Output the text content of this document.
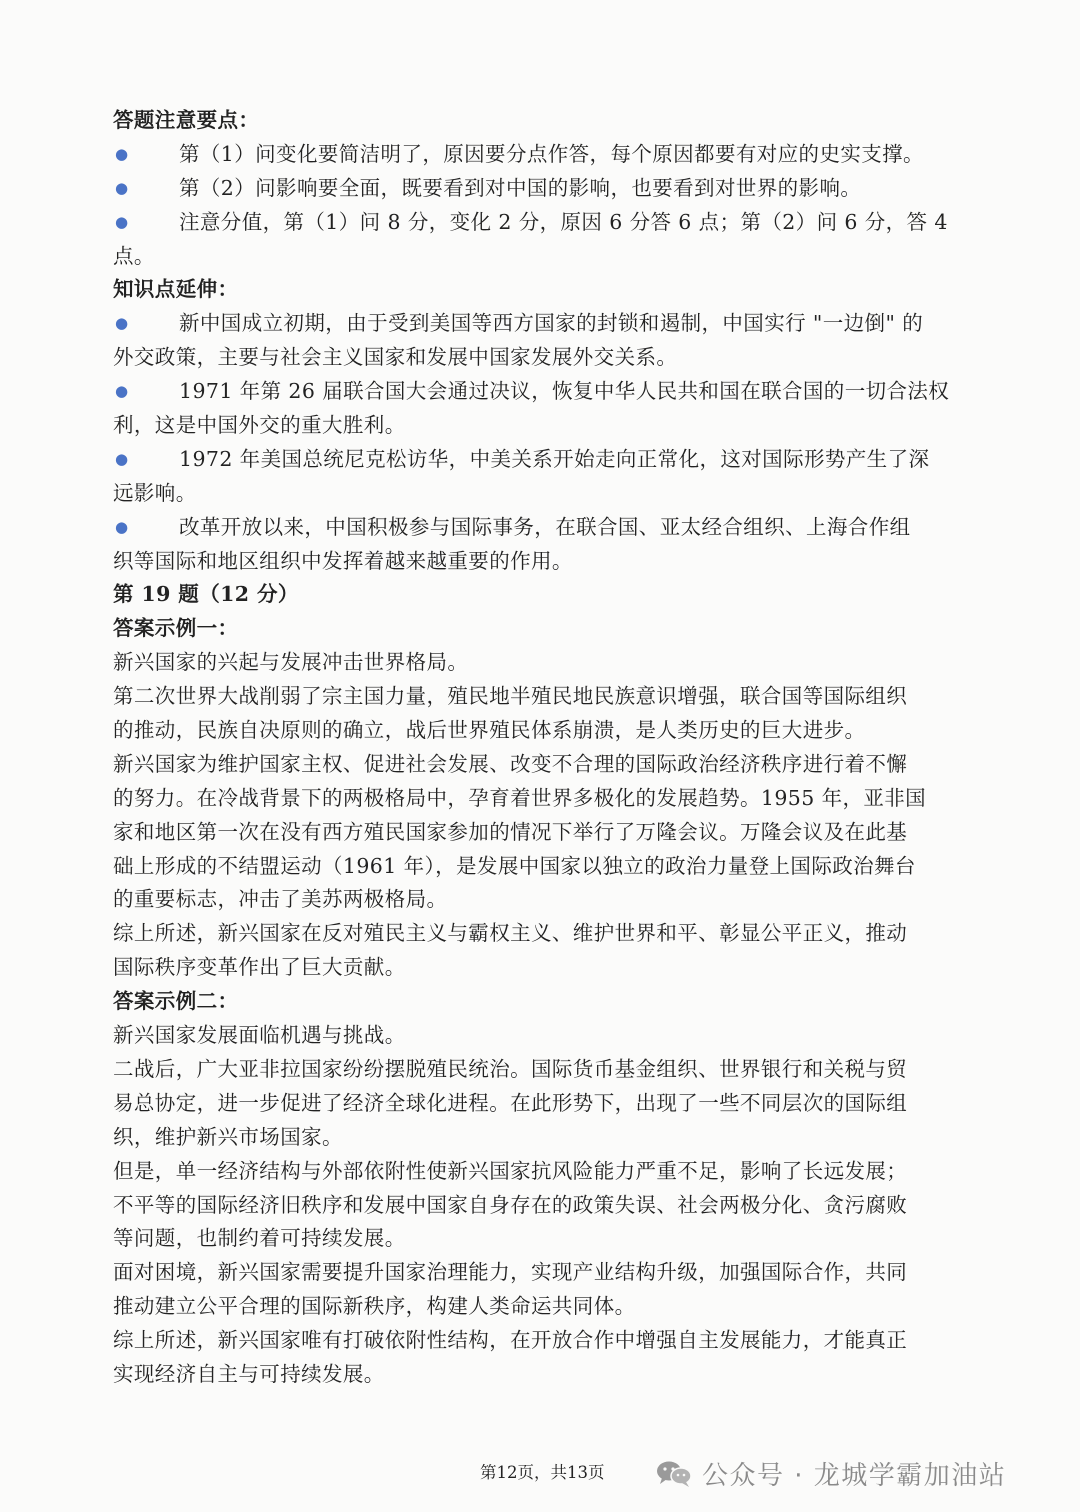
答题注意要点：
● 第（1）问变化要简洁明了，原因要分点作答，每个原因都要有对应的史实支撑。
● 第（2）问影响要全面，既要看到对中国的影响，也要看到对世界的影响。
● 注意分值，第（1）问 8 分，变化 2 分，原因 6 分答 6 点；第（2）问 6 分，答 4
点。
知识点延伸：
● 新中国成立初期，由于受到美国等西方国家的封锁和遏制，中国实行 "一边倒" 的
外交政策，主要与社会主义国家和发展中国家发展外交关系。
● 1971 年第 26 届联合国大会通过决议，恢复中华人民共和国在联合国的一切合法权
利，这是中国外交的重大胜利。
● 1972 年美国总统尼克松访华，中美关系开始走向正常化，这对国际形势产生了深
远影响。
● 改革开放以来，中国积极参与国际事务，在联合国、亚太经合组织、上海合作组
织等国际和地区组织中发挥着越来越重要的作用。
第 19 题（12 分）
答案示例一：
新兴国家的兴起与发展冲击世界格局。
第二次世界大战削弱了宗主国力量，殖民地半殖民地民族意识增强，联合国等国际组织
的推动，民族自决原则的确立，战后世界殖民体系崩溃，是人类历史的巨大进步。
新兴国家为维护国家主权、促进社会发展、改变不合理的国际政治经济秩序进行着不懈
的努力。在冷战背景下的两极格局中，孕育着世界多极化的发展趋势。1955 年，亚非国
家和地区第一次在没有西方殖民国家参加的情况下举行了万隆会议。万隆会议及在此基
础上形成的不结盟运动（1961 年），是发展中国家以独立的政治力量登上国际政治舞台
的重要标志，冲击了美苏两极格局。
综上所述，新兴国家在反对殖民主义与霸权主义、维护世界和平、彰显公平正义，推动
国际秩序变革作出了巨大贡献。
答案示例二：
新兴国家发展面临机遇与挑战。
二战后，广大亚非拉国家纷纷摆脱殖民统治。国际货币基金组织、世界银行和关税与贸
易总协定，进一步促进了经济全球化进程。在此形势下，出现了一些不同层次的国际组
织，维护新兴市场国家。
但是，单一经济结构与外部依附性使新兴国家抗风险能力严重不足，影响了长远发展；
不平等的国际经济旧秩序和发展中国家自身存在的政策失误、社会两极分化、贪污腐败
等问题，也制约着可持续发展。
面对困境，新兴国家需要提升国家治理能力，实现产业结构升级，加强国际合作，共同
推动建立公平合理的国际新秩序，构建人类命运共同体。
综上所述，新兴国家唯有打破依附性结构，在开放合作中增强自主发展能力，才能真正
实现经济自主与可持续发展。
第12页，共13页	公众号 · 龙城学霸加油站
